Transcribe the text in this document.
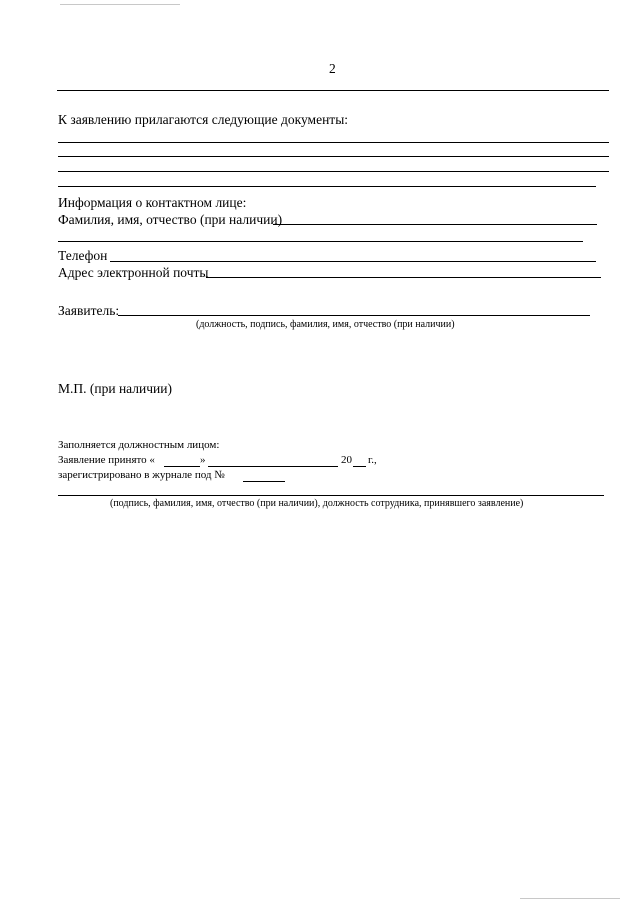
2
К заявлению прилагаются следующие документы:
Информация о контактном лице:
Фамилия, имя, отчество (при наличии)
Телефон
Адрес электронной почты
Заявитель:
(должность, подпись, фамилия, имя, отчество (при наличии)
М.П. (при наличии)
Заполняется должностным лицом:
Заявление принято «	»	20 г.,
зарегистрировано в журнале под №
(подпись, фамилия, имя, отчество (при наличии), должность сотрудника, принявшего заявление)
